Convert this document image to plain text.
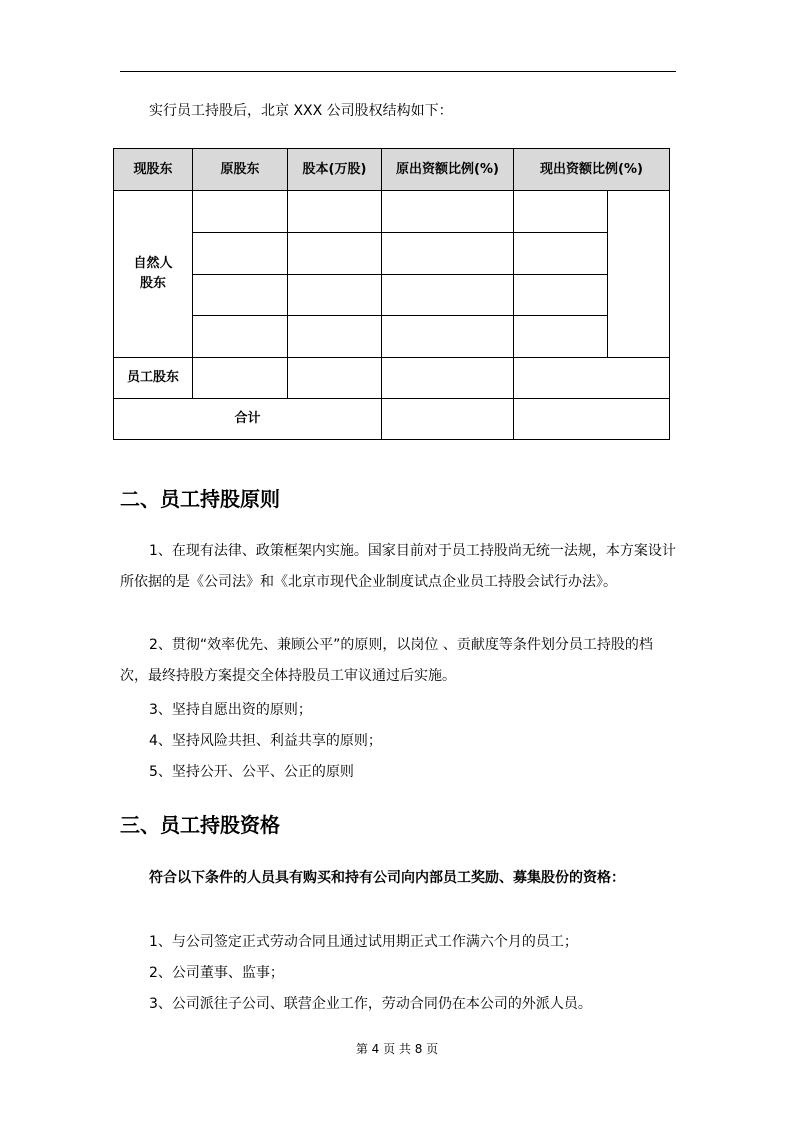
实行员工持股后，北京 XXX 公司股权结构如下：

现股东	原股东	股本(万股)	原出资额比例(%)	现出资额比例(%)
自然人股东
员工股东
合计
二、员工持股原则

1、在现有法律、政策框架内实施。国家目前对于员工持股尚无统一法规，本方案设计所依据的是《公司法》和《北京市现代企业制度试点企业员工持股会试行办法》。

2、贯彻“效率优先、兼顾公平”的原则，以岗位 、贡献度等条件划分员工持股的档次，最终持股方案提交全体持股员工审议通过后实施。

3、坚持自愿出资的原则；

4、坚持风险共担、利益共享的原则；

5、坚持公开、公平、公正的原则

三、员工持股资格

符合以下条件的人员具有购买和持有公司向内部员工奖励、募集股份的资格：

1、与公司签定正式劳动合同且通过试用期正式工作满六个月的员工；

2、公司董事、监事；

3、公司派往子公司、联营企业工作，劳动合同仍在本公司的外派人员。

第 4 页 共 8 页
